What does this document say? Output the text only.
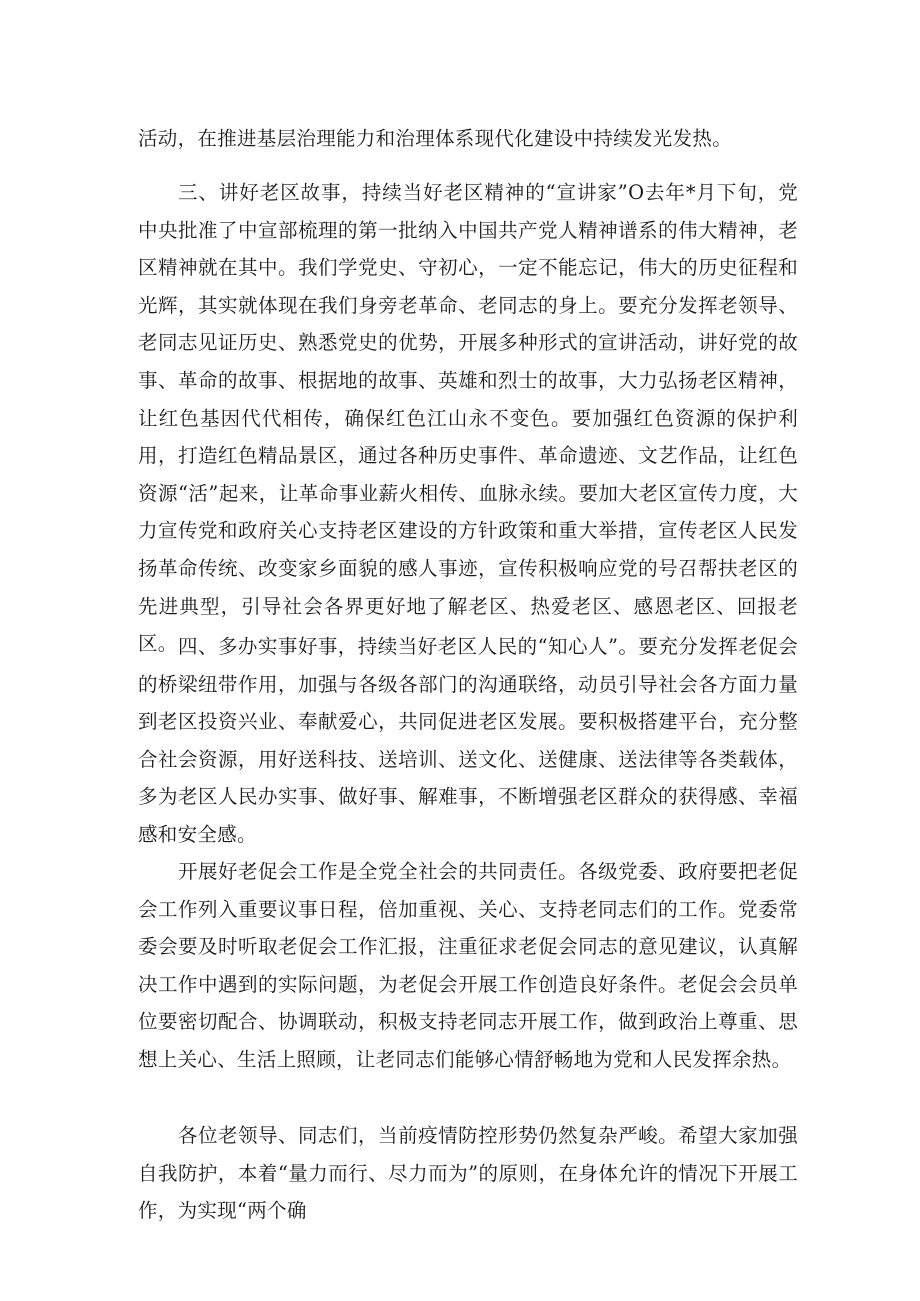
活动，在推进基层治理能力和治理体系现代化建设中持续发光发热。

三、讲好老区故事，持续当好老区精神的“宣讲家”O去年*月下旬，党中央批准了中宣部梳理的第一批纳入中国共产党人精神谱系的伟大精神，老区精神就在其中。我们学党史、守初心，一定不能忘记，伟大的历史征程和光辉，其实就体现在我们身旁老革命、老同志的身上。要充分发挥老领导、老同志见证历史、熟悉党史的优势，开展多种形式的宣讲活动，讲好党的故事、革命的故事、根据地的故事、英雄和烈士的故事，大力弘扬老区精神，让红色基因代代相传，确保红色江山永不变色。要加强红色资源的保护利用，打造红色精品景区，通过各种历史事件、革命遗迹、文艺作品，让红色资源“活”起来，让革命事业薪火相传、血脉永续。要加大老区宣传力度，大力宣传党和政府关心支持老区建设的方针政策和重大举措，宣传老区人民发扬革命传统、改变家乡面貌的感人事迹，宣传积极响应党的号召帮扶老区的先进典型，引导社会各界更好地了解老区、热爱老区、感恩老区、回报老区。 四、多办实事好事，持续当好老区人民的“知心人”。要充分发挥老促会的桥梁纽带作用，加强与各级各部门的沟通联络，动员引导社会各方面力量到老区投资兴业、奉献爱心，共同促进老区发展。要积极搭建平台，充分整合社会资源，用好送科技、送培训、送文化、送健康、送法律等各类载体，多为老区人民办实事、做好事、解难事，不断增强老区群众的获得感、幸福感和安全感。

开展好老促会工作是全党全社会的共同责任。各级党委、政府要把老促会工作列入重要议事日程，倍加重视、关心、支持老同志们的工作。党委常委会要及时听取老促会工作汇报，注重征求老促会同志的意见建议，认真解决工作中遇到的实际问题，为老促会开展工作创造良好条件。老促会会员单位要密切配合、协调联动，积极支持老同志开展工作，做到政治上尊重、思想上关心、生活上照顾，让老同志们能够心情舒畅地为党和人民发挥余热。

各位老领导、同志们，当前疫情防控形势仍然复杂严峻。希望大家加强自我防护，本着“量力而行、尽力而为”的原则，在身体允许的情况下开展工作，为实现“两个确
